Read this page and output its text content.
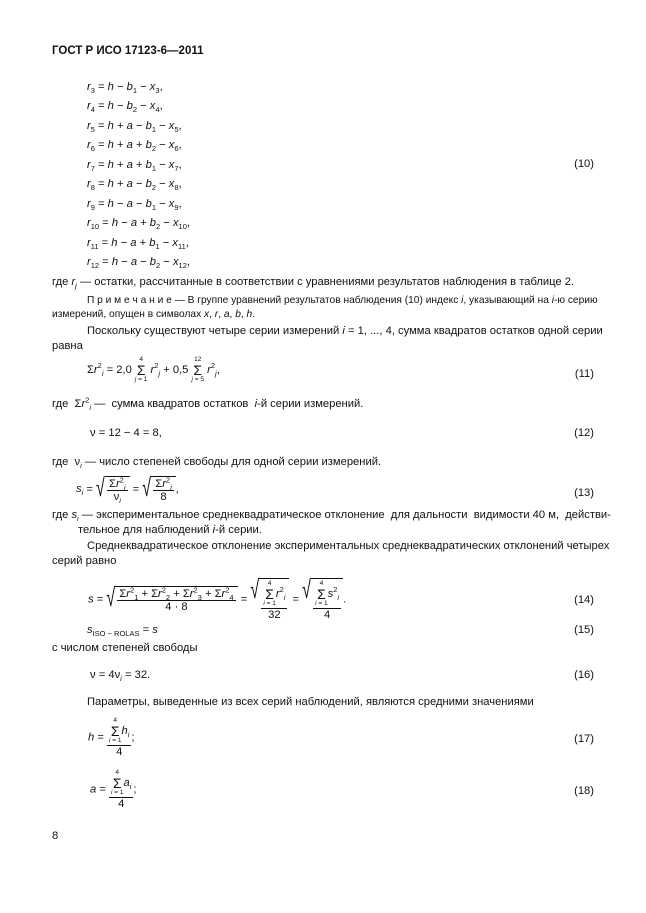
ГОСТ Р ИСО 17123-6—2011
$r_3 = h - b_1 - x_3$,
$r_4 = h - b_2 - x_4$,
$r_5 = h + a - b_1 - x_5$,
$r_6 = h + a + b_2 - x_6$,
$r_7 = h + a + b_1 - x_7$,
$r_8 = h + a - b_2 - x_8$,
$r_9 = h - a - b_1 - x_9$,
$r_{10} = h - a + b_2 - x_{10}$,
$r_{11} = h - a + b_1 - x_{11}$,
$r_{12} = h - a - b_2 - x_{12}$,
(10)
где $r_j$ — остатки, рассчитанные в соответствии с уравнениями результатов наблюдения в таблице 2.
П р и м е ч а н и е — В группе уравнений результатов наблюдения (10) индекс i, указывающий на i-ю серию
измерений, опущен в символах x, r, a, b, h.
Поскольку существуют четыре серии измерений i = 1, ..., 4, сумма квадратов остатков одной серии
равна
$\Sigma r^2_i = 2,0$
4
Σ
j = 1
$r^2_j + 0,5$
12
Σ
j = 5
$r^2_j$,	(11)
где  $\Sigma r^2_i$ —  сумма квадратов остатков  i-й серии измерений.
ν = 12 − 4 = 8,	(12)
где  $\nu_i$ — число степеней свободы для одной серии измерений.
$s_i$ = √ $\frac{\Sigma r^2_i}{\nu_i}$ = √ $\frac{\Sigma r^2_i}{8}$ ,	(13)
где $s_i$ — экспериментальное среднеквадратическое отклонение  для дальности  видимости 40 м,  действи-
тельное для наблюдений i-й серии.
Среднеквадратическое отклонение экспериментальных среднеквадратических отклонений четырех
серий равно
s = √ $\frac{\Sigma r^2_1 + \Sigma r^2_2 + \Sigma r^2_3 + \Sigma r^2_4}{4 \cdot 8}$ = √ 4
Σ
i = 1
$r^2_i$
32 = √ 4
Σ
i = 1
$s^2_i$
4 .	(14)
$s_{ISO - ROLAS} = s$	(15)
с числом степеней свободы
$\nu = 4\nu_i = 32$.	(16)
Параметры, выведенные из всех серий наблюдений, являются средними значениями
h = 4
Σ
i = 1
$h_i$
4 ;	(17)
a = 4
Σ
i = 1
$a_i$
4 ;	(18)
8
